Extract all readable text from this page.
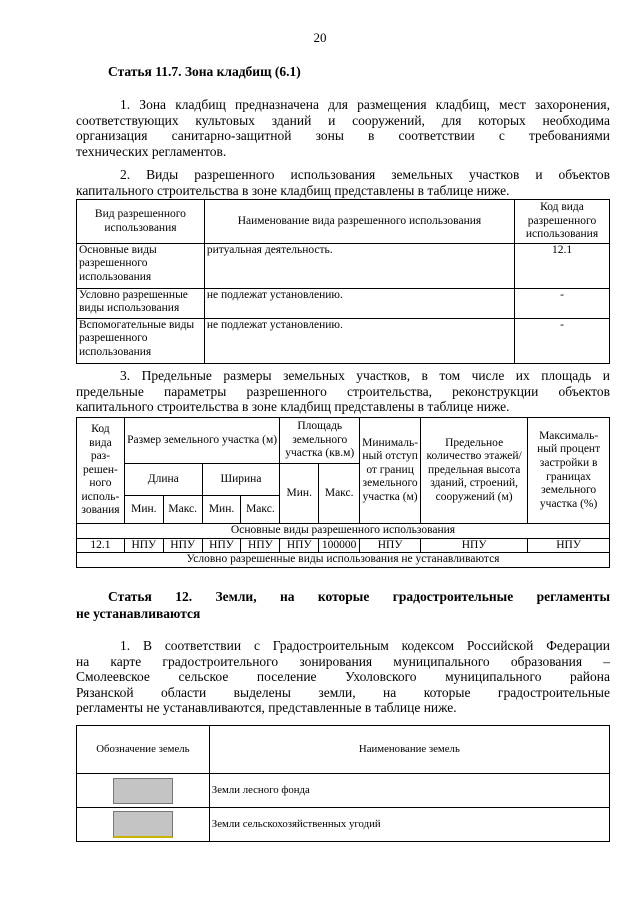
20
Статья 11.7. Зона кладбищ (6.1)
1. Зона кладбищ предназначена для размещения кладбищ, мест захоронения,
соответствующих культовых зданий и сооружений, для которых необходима
организация санитарно-защитной зоны в соответствии с требованиями
технических регламентов.
2. Виды разрешенного использования земельных участков и объектов
капитального строительства в зоне кладбищ представлены в таблице ниже.
Вид разрешенного использования	Наименование вида разрешенного использования	Код вида разрешенного использования
Основные виды разрешенного использования	ритуальная деятельность.	12.1
Условно разрешенные виды использования	не подлежат установлению.	-
Вспомогательные виды разрешенного использования	не подлежат установлению.	-
3. Предельные размеры земельных участков, в том числе их площадь и
предельные параметры разрешенного строительства, реконструкции объектов
капитального строительства в зоне кладбищ представлены в таблице ниже.
Код вида раз-решен-ного исполь-зования	Размер земельного участка (м)				Площадь земельного участка (кв.м)		Минималь-ный отступ от границ земельного участка (м)	Предельное количество этажей/ предельная высота зданий, строений, сооружений (м)	Максималь-ный процент застройки в границах земельного участка (%)
	Длина		Ширина		Мин.	Макс.			
	Мин.	Макс.	Мин.	Макс.					
Основные виды разрешенного использования									
12.1	НПУ	НПУ	НПУ	НПУ	НПУ	100000	НПУ	НПУ	НПУ
Условно разрешенные виды использования не устанавливаются									
Статья 12. Земли, на которые градостроительные регламенты
не устанавливаются
1. В соответствии с Градостроительным кодексом Российской Федерации
на карте градостроительного зонирования муниципального образования –
Смолеевское сельское поселение Ухоловского муниципального района
Рязанской области выделены земли, на которые градостроительные
регламенты не устанавливаются, представленные в таблице ниже.
Обозначение земель	Наименование земель
	Земли лесного фонда
	Земли сельскохозяйственных угодий
